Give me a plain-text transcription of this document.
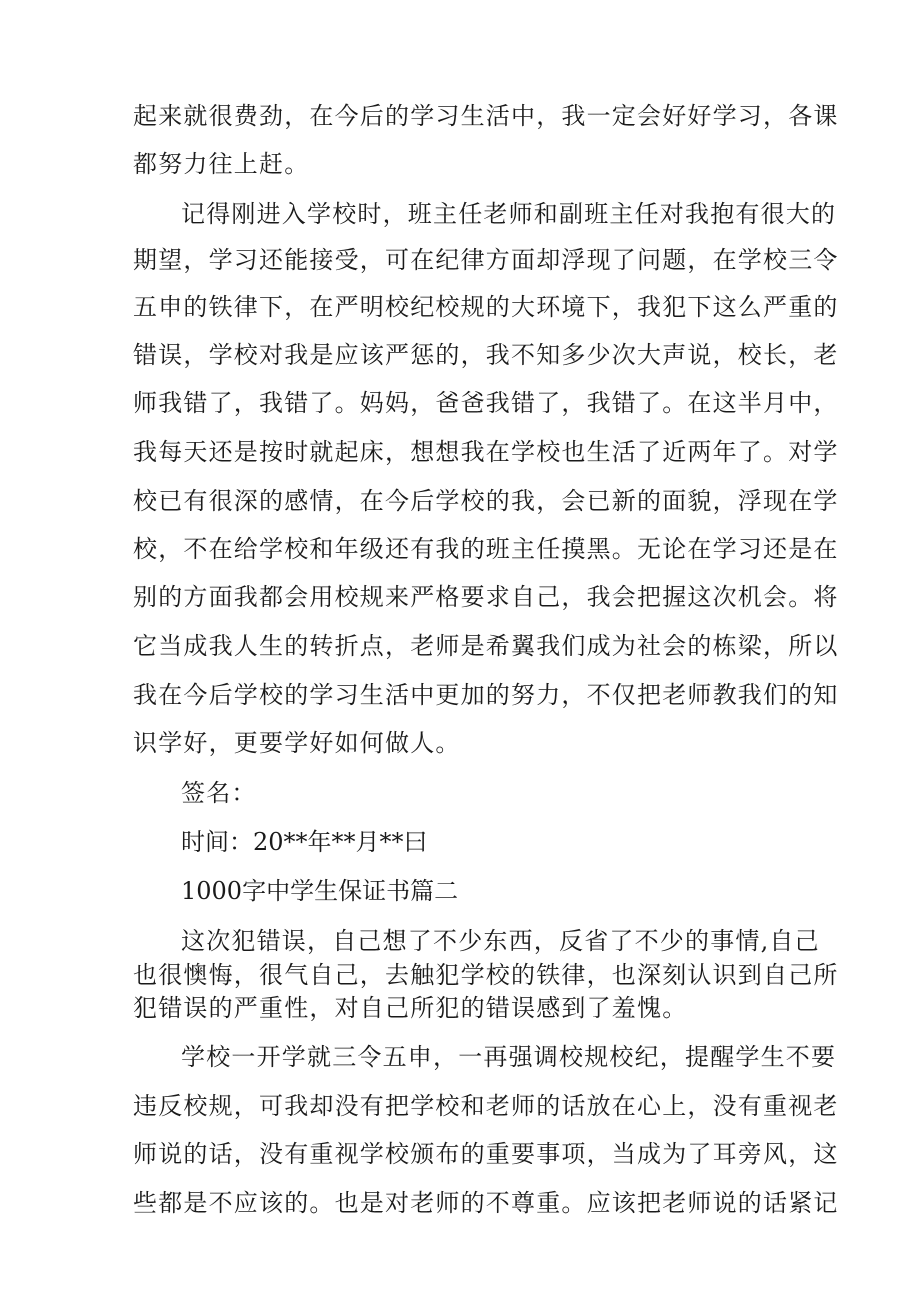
起来就很费劲，在今后的学习生活中，我一定会好好学习，各课
都努力往上赶。
记得刚进入学校时，班主任老师和副班主任对我抱有很大的
期望，学习还能接受，可在纪律方面却浮现了问题，在学校三令
五申的铁律下，在严明校纪校规的大环境下，我犯下这么严重的
错误，学校对我是应该严惩的，我不知多少次大声说，校长，老
师我错了，我错了。妈妈，爸爸我错了，我错了。在这半月中，
我每天还是按时就起床，想想我在学校也生活了近两年了。对学
校已有很深的感情，在今后学校的我，会已新的面貌，浮现在学
校，不在给学校和年级还有我的班主任摸黑。无论在学习还是在
别的方面我都会用校规来严格要求自己，我会把握这次机会。将
它当成我人生的转折点，老师是希翼我们成为社会的栋梁，所以
我在今后学校的学习生活中更加的努力，不仅把老师教我们的知
识学好，更要学好如何做人。
签名：
时间：20**年**月**曰
1000字中学生保证书篇二
这次犯错误，自己想了不少东西，反省了不少的事情,自己
也很懊悔，很气自己，去触犯学校的铁律，也深刻认识到自己所
犯错误的严重性，对自己所犯的错误感到了羞愧。
学校一开学就三令五申，一再强调校规校纪，提醒学生不要
违反校规，可我却没有把学校和老师的话放在心上，没有重视老
师说的话，没有重视学校颁布的重要事项，当成为了耳旁风，这
些都是不应该的。也是对老师的不尊重。应该把老师说的话紧记
